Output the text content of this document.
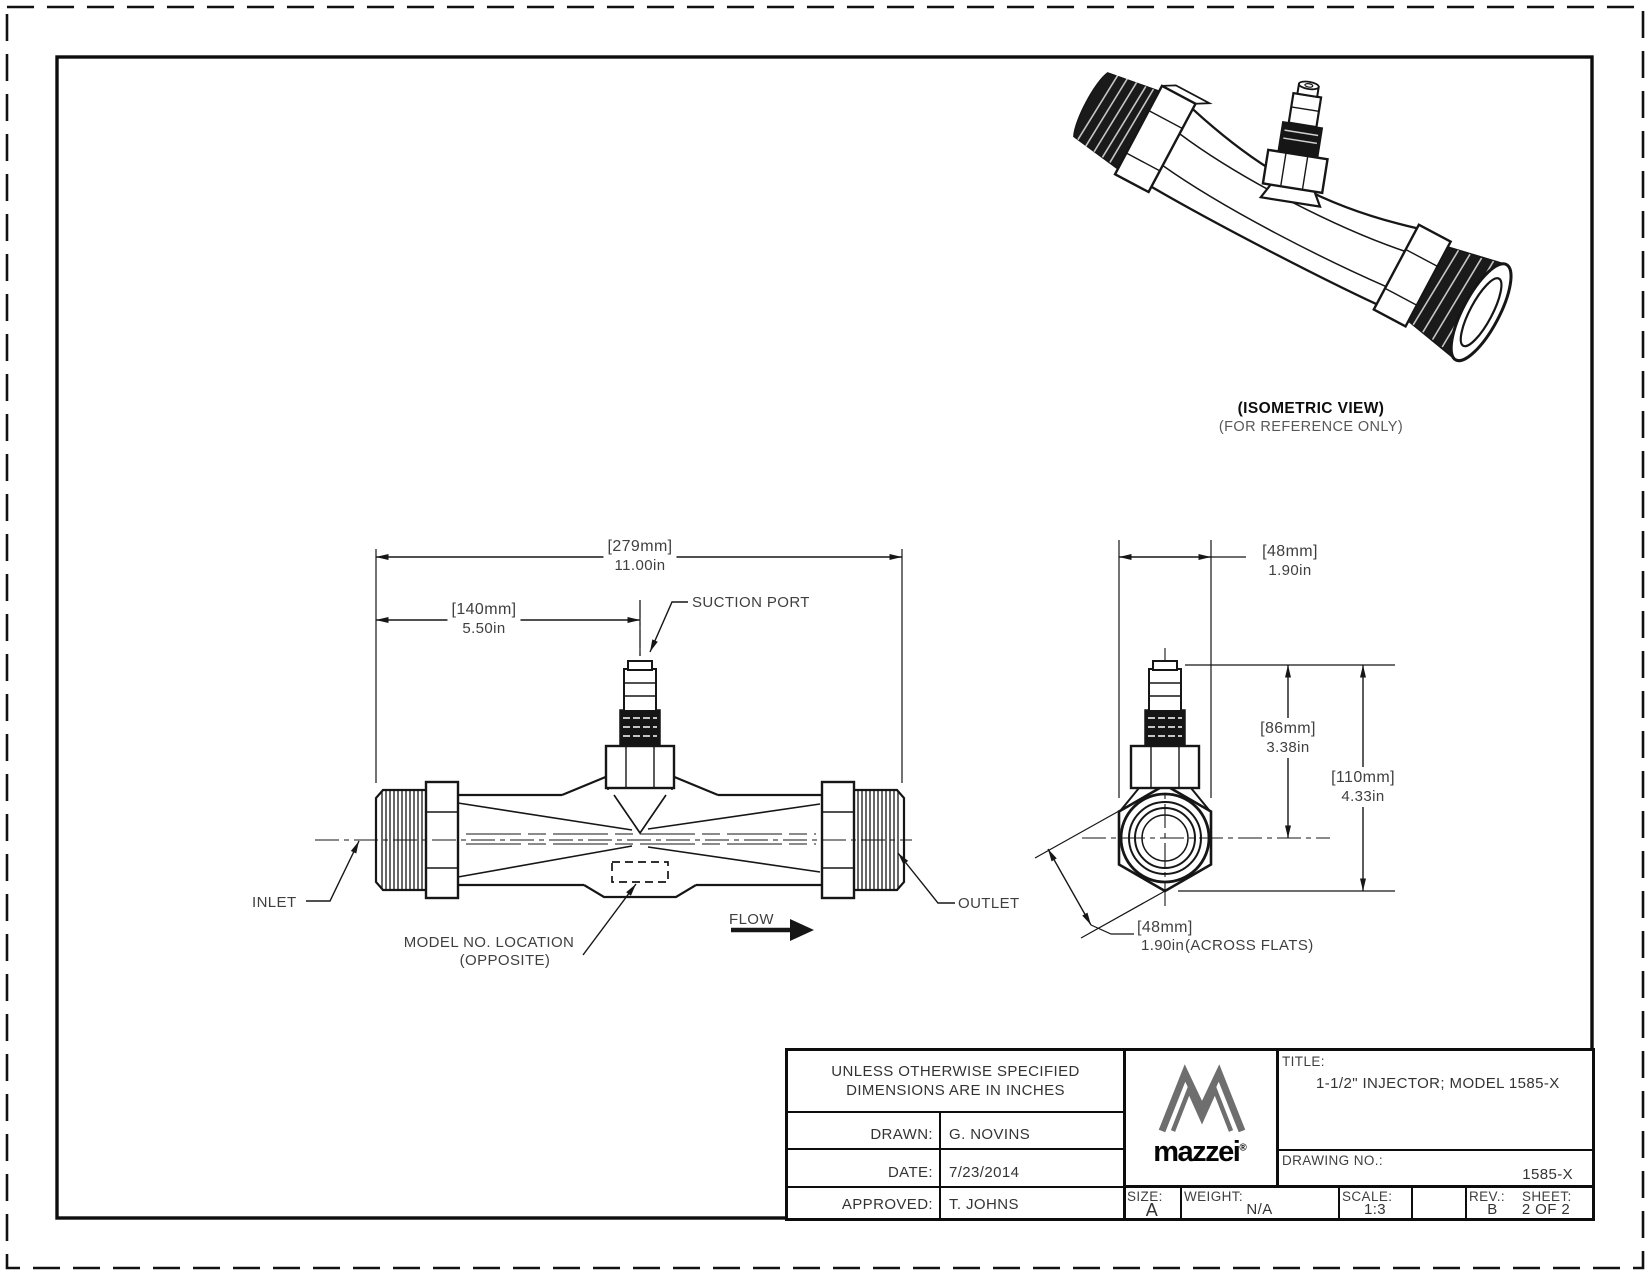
(ISOMETRIC VIEW)
(FOR REFERENCE ONLY)
[279mm]
11.00in
[140mm]
5.50in
SUCTION PORT
INLET	OUTLET
MODEL NO. LOCATION
(OPPOSITE)
FLOW
[48mm]
1.90in
[86mm]
3.38in
[110mm]
4.33in
[48mm]
1.90in (ACROSS FLATS)
UNLESS OTHERWISE SPECIFIED
DIMENSIONS ARE IN INCHES
DRAWN: G. NOVINS
DATE: 7/23/2014
APPROVED: T. JOHNS
mazzei®
TITLE:
1-1/2" INJECTOR; MODEL 1585-X
DRAWING NO.:
1585-X
SIZE:
A
WEIGHT:
N/A
SCALE:
1:3
REV.:
B
SHEET:
2 OF 2
